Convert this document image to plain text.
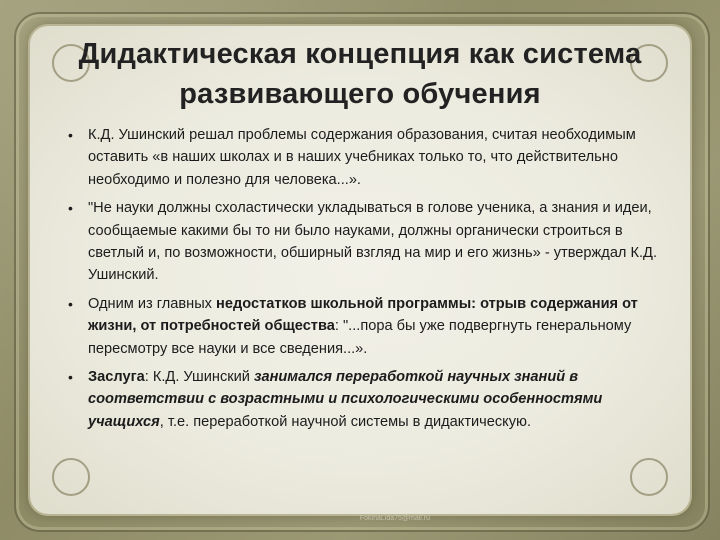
Дидактическая концепция как система
развивающего обучения
• К.Д. Ушинский решал проблемы содержания образования, считая необходимым оставить «в наших школах и в наших учебниках только то, что действительно необходимо и полезно для человека...».
• "Не науки должны схоластически укладываться в голове ученика, а знания и идеи, сообщаемые какими бы то ни было науками, должны органически строиться в светлый и, по возможности, обширный взгляд на мир и его жизнь» - утверждал К.Д. Ушинский.
• Одним из главных недостатков школьной программы: отрыв содержания от жизни, от потребностей общества: "...пора бы уже подвергнуть генеральному пересмотру все науки и все сведения...».
• Заслуга: К.Д. Ушинский занимался переработкой научных знаний в соответствии с возрастными и психологическими особенностями учащихся, т.е. переработкой научной системы в дидактическую.
FokinaLida75@mail.ru
